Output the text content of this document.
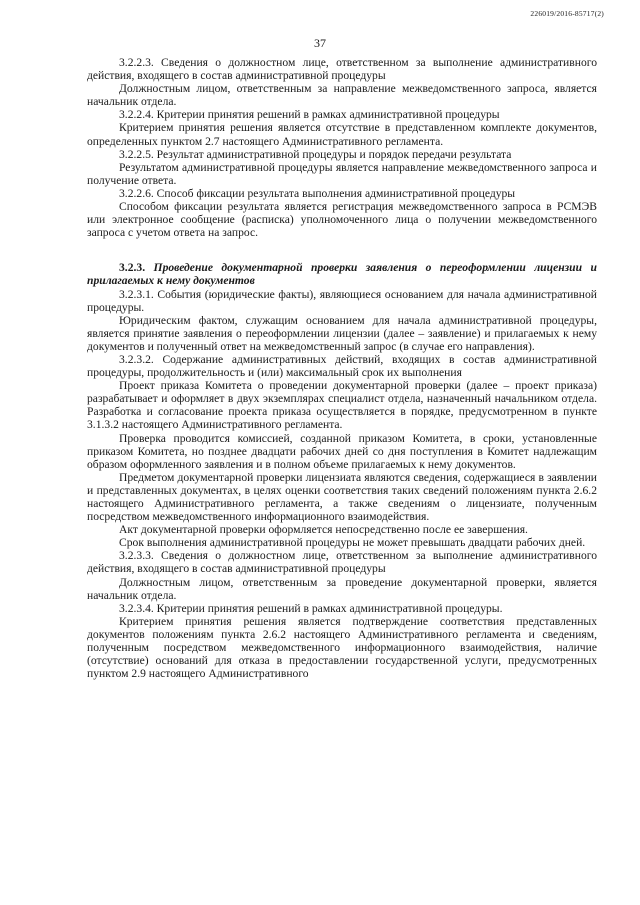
226019/2016-85717(2)
37

3.2.2.3. Сведения о должностном лице, ответственном за выполнение административного действия, входящего в состав административной процедуры

Должностным лицом, ответственным за направление межведомственного запроса, является начальник отдела.

3.2.2.4. Критерии принятия решений в рамках административной процедуры

Критерием принятия решения является отсутствие в представленном комплекте документов, определенных пунктом 2.7 настоящего Административного регламента.

3.2.2.5. Результат административной процедуры и порядок передачи результата

Результатом административной процедуры является направление межведомственного запроса и получение ответа.

3.2.2.6. Способ фиксации результата выполнения административной процедуры

Способом фиксации результата является регистрация межведомственного запроса в РСМЭВ или электронное сообщение (расписка) уполномоченного лица о получении межведомственного запроса с учетом ответа на запрос.

3.2.3. Проведение документарной проверки заявления о переоформлении лицензии и прилагаемых к нему документов

3.2.3.1. События (юридические факты), являющиеся основанием для начала административной процедуры.

Юридическим фактом, служащим основанием для начала административной процедуры, является принятие заявления о переоформлении лицензии (далее – заявление) и прилагаемых к нему документов и полученный ответ на межведомственный запрос (в случае его направления).

3.2.3.2. Содержание административных действий, входящих в состав административной процедуры, продолжительность и (или) максимальный срок их выполнения

Проект приказа Комитета о проведении документарной проверки (далее – проект приказа) разрабатывает и оформляет в двух экземплярах специалист отдела, назначенный начальником отдела. Разработка и согласование проекта приказа осуществляется в порядке, предусмотренном в пункте 3.1.3.2 настоящего Административного регламента.

Проверка проводится комиссией, созданной приказом Комитета, в сроки, установленные приказом Комитета, но позднее двадцати рабочих дней со дня поступления в Комитет надлежащим образом оформленного заявления и в полном объеме прилагаемых к нему документов.

Предметом документарной проверки лицензиата являются сведения, содержащиеся в заявлении и представленных документах, в целях оценки соответствия таких сведений положениям пункта 2.6.2 настоящего Административного регламента, а также сведениям о лицензиате, полученным посредством межведомственного информационного взаимодействия.

Акт документарной проверки оформляется непосредственно после ее завершения.

Срок выполнения административной процедуры не может превышать двадцати рабочих дней.

3.2.3.3. Сведения о должностном лице, ответственном за выполнение административного действия, входящего в состав административной процедуры

Должностным лицом, ответственным за проведение документарной проверки, является начальник отдела.

3.2.3.4. Критерии принятия решений в рамках административной процедуры.

Критерием принятия решения является подтверждение соответствия представленных документов положениям пункта 2.6.2 настоящего Административного регламента и сведениям, полученным посредством межведомственного информационного взаимодействия, наличие (отсутствие) оснований для отказа в предоставлении государственной услуги, предусмотренных пунктом 2.9 настоящего Административного
